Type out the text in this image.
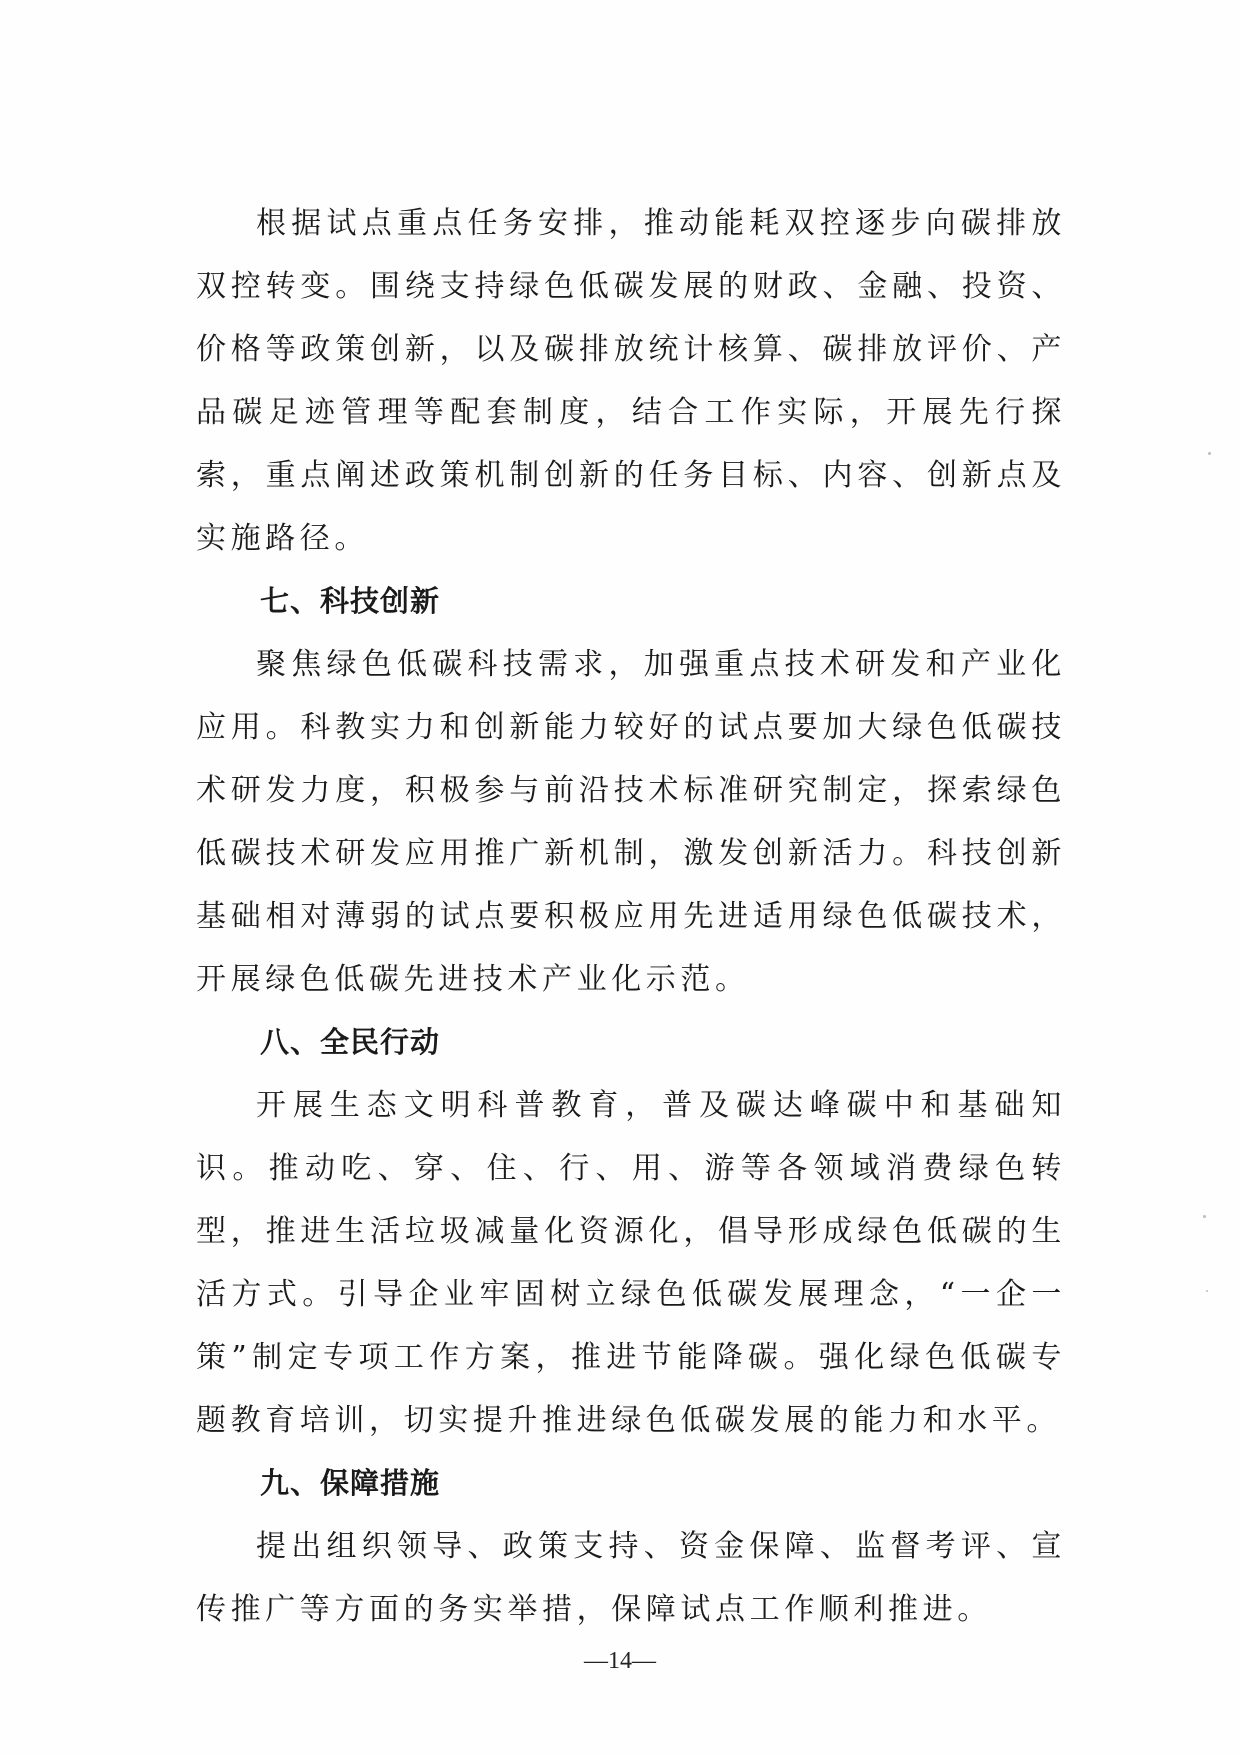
根据试点重点任务安排，推动能耗双控逐步向碳排放双控转变。围绕支持绿色低碳发展的财政、金融、投资、价格等政策创新，以及碳排放统计核算、碳排放评价、产品碳足迹管理等配套制度，结合工作实际，开展先行探索，重点阐述政策机制创新的任务目标、内容、创新点及实施路径。

七、科技创新

聚焦绿色低碳科技需求，加强重点技术研发和产业化应用。科教实力和创新能力较好的试点要加大绿色低碳技术研发力度，积极参与前沿技术标准研究制定，探索绿色低碳技术研发应用推广新机制，激发创新活力。科技创新基础相对薄弱的试点要积极应用先进适用绿色低碳技术，开展绿色低碳先进技术产业化示范。

八、全民行动

开展生态文明科普教育，普及碳达峰碳中和基础知识。推动吃、穿、住、行、用、游等各领域消费绿色转型，推进生活垃圾减量化资源化，倡导形成绿色低碳的生活方式。引导企业牢固树立绿色低碳发展理念，“一企一策”制定专项工作方案，推进节能降碳。强化绿色低碳专题教育培训，切实提升推进绿色低碳发展的能力和水平。

九、保障措施

提出组织领导、政策支持、资金保障、监督考评、宣传推广等方面的务实举措，保障试点工作顺利推进。

—14—
